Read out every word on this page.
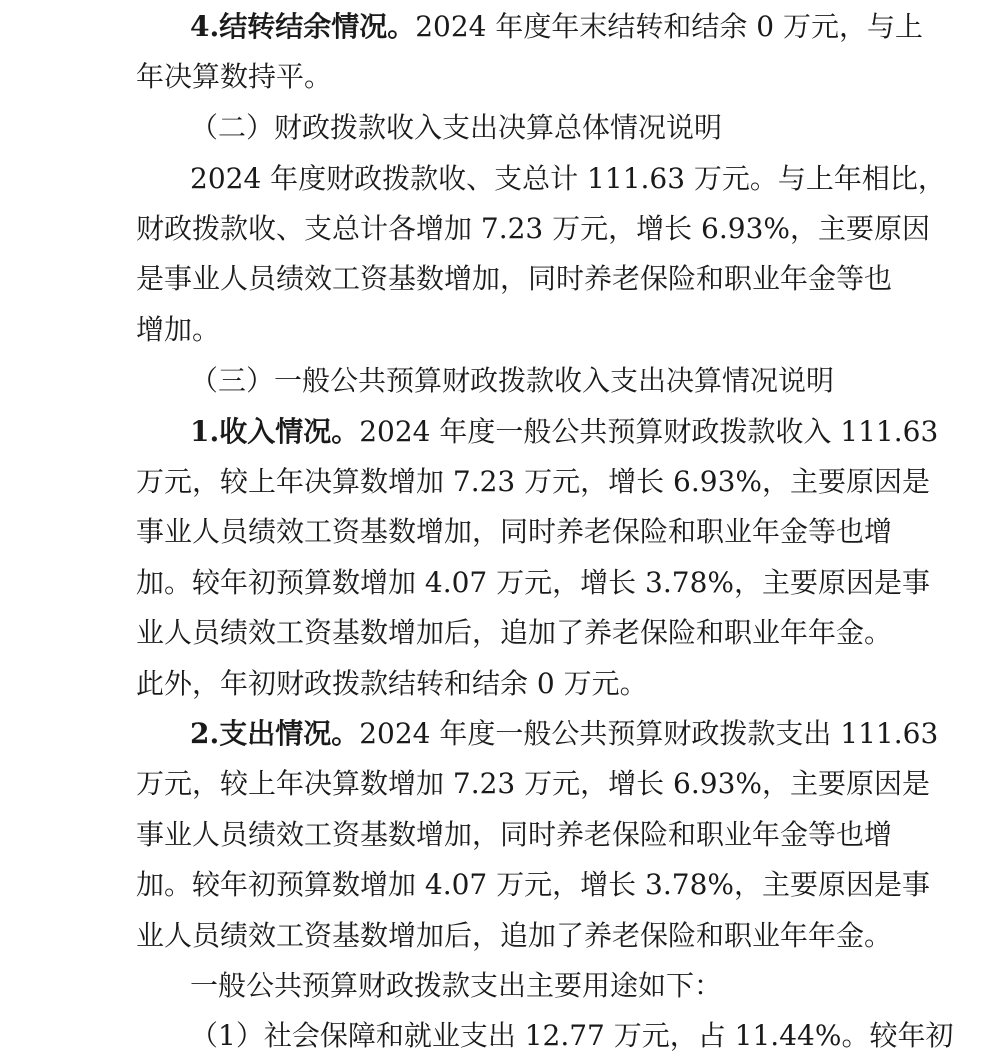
4.结转结余情况。2024 年度年末结转和结余 0 万元，与上
年决算数持平。
（二）财政拨款收入支出决算总体情况说明
2024 年度财政拨款收、支总计 111.63 万元。与上年相比，
财政拨款收、支总计各增加 7.23 万元，增长 6.93%，主要原因
是事业人员绩效工资基数增加，同时养老保险和职业年金等也
增加。
（三）一般公共预算财政拨款收入支出决算情况说明
1.收入情况。2024 年度一般公共预算财政拨款收入 111.63
万元，较上年决算数增加 7.23 万元，增长 6.93%，主要原因是
事业人员绩效工资基数增加，同时养老保险和职业年金等也增
加。较年初预算数增加 4.07 万元，增长 3.78%，主要原因是事
业人员绩效工资基数增加后，追加了养老保险和职业年年金。
此外，年初财政拨款结转和结余 0 万元。
2.支出情况。2024 年度一般公共预算财政拨款支出 111.63
万元，较上年决算数增加 7.23 万元，增长 6.93%，主要原因是
事业人员绩效工资基数增加，同时养老保险和职业年金等也增
加。较年初预算数增加 4.07 万元，增长 3.78%，主要原因是事
业人员绩效工资基数增加后，追加了养老保险和职业年年金。
一般公共预算财政拨款支出主要用途如下：
（1）社会保障和就业支出 12.77 万元，占 11.44%。较年初
